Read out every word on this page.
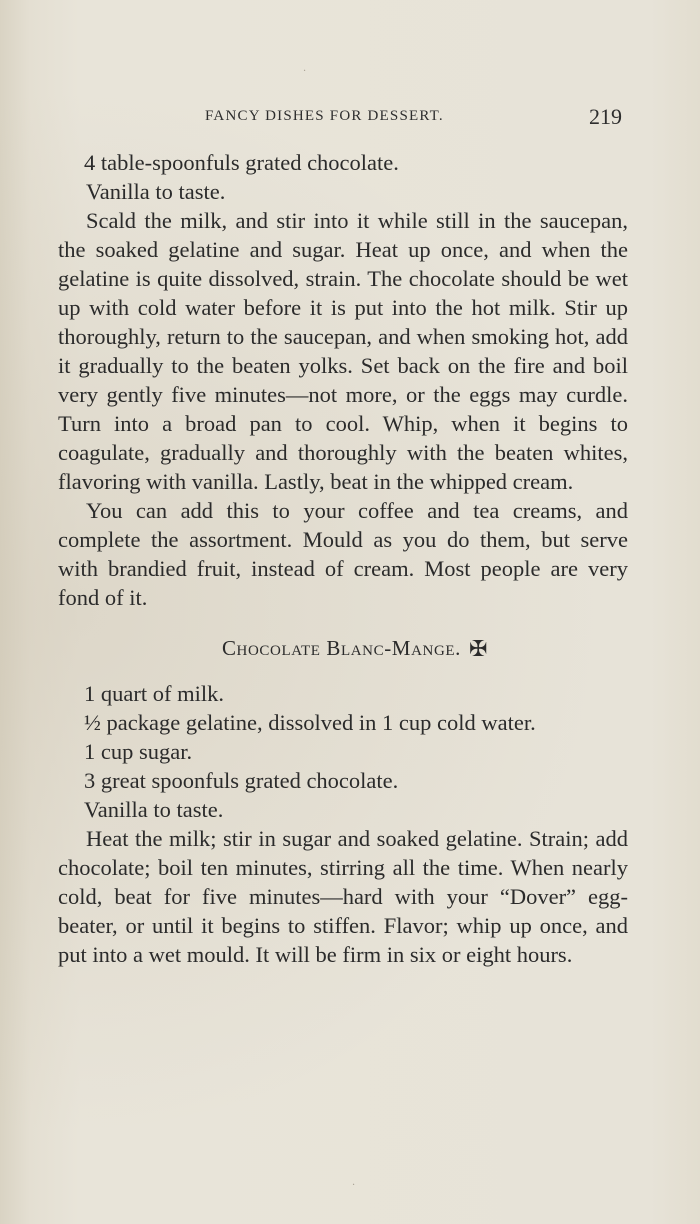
FANCY DISHES FOR DESSERT.	219
4 table-spoonfuls grated chocolate.
Vanilla to taste.

Scald the milk, and stir into it while still in the saucepan, the soaked gelatine and sugar. Heat up once, and when the gelatine is quite dissolved, strain. The chocolate should be wet up with cold water before it is put into the hot milk. Stir up thoroughly, return to the saucepan, and when smoking hot, add it gradually to the beaten yolks. Set back on the fire and boil very gently five minutes—not more, or the eggs may curdle. Turn into a broad pan to cool. Whip, when it begins to coagulate, gradually and thoroughly with the beaten whites, flavoring with vanilla. Lastly, beat in the whipped cream.

You can add this to your coffee and tea creams, and complete the assortment. Mould as you do them, but serve with brandied fruit, instead of cream. Most people are very fond of it.

Chocolate Blanc-Mange. ✠
1 quart of milk.
½ package gelatine, dissolved in 1 cup cold water.
1 cup sugar.
3 great spoonfuls grated chocolate.
Vanilla to taste.

Heat the milk; stir in sugar and soaked gelatine. Strain; add chocolate; boil ten minutes, stirring all the time. When nearly cold, beat for five minutes—hard with your “Dover” egg-beater, or until it begins to stiffen. Flavor; whip up once, and put into a wet mould. It will be firm in six or eight hours.

·
·
